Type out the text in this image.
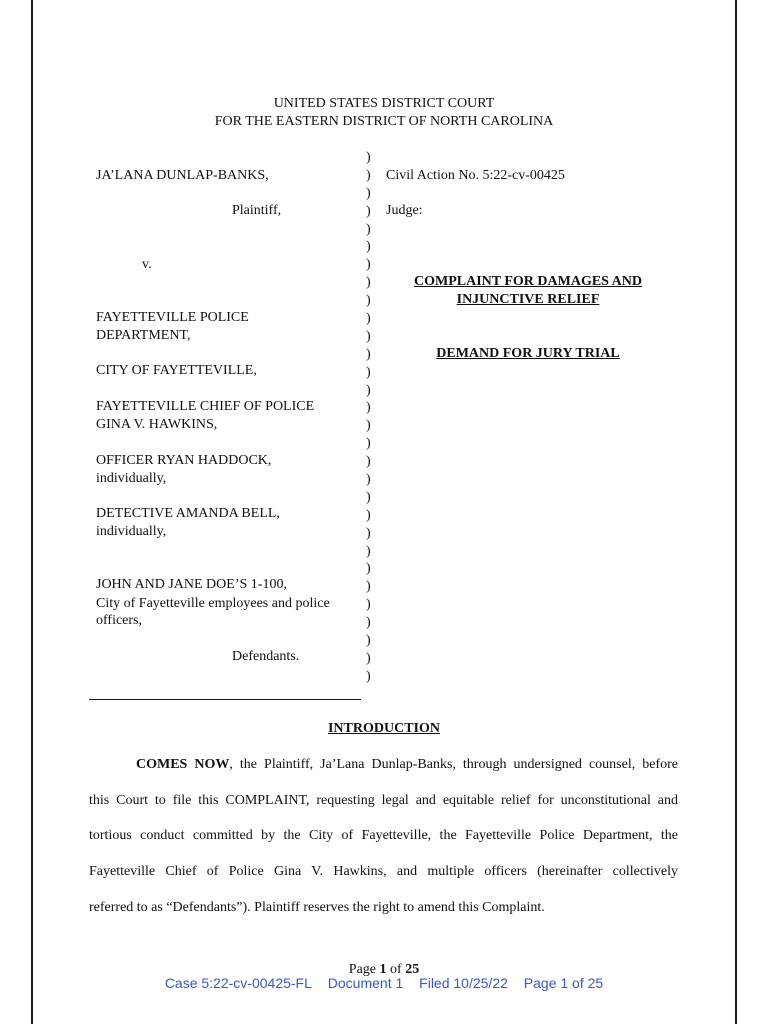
UNITED STATES DISTRICT COURT
FOR THE EASTERN DISTRICT OF NORTH CAROLINA
JA’LANA DUNLAP-BANKS,
Plaintiff,
v.
FAYETTEVILLE POLICE
DEPARTMENT,
CITY OF FAYETTEVILLE,
FAYETTEVILLE CHIEF OF POLICE
GINA V. HAWKINS,
OFFICER RYAN HADDOCK,
individually,
DETECTIVE AMANDA BELL,
individually,
JOHN AND JANE DOE’S 1-100,
City of Fayetteville employees and police
officers,
Defendants.
)
)
)
)
)
)
)
)
)
)
)
)
)
)
)
)
)
)
)
)
)
)
)
)
)
)
)
)
)
)
Civil Action No. 5:22-cv-00425
Judge:
COMPLAINT FOR DAMAGES AND
INJUNCTIVE RELIEF
DEMAND FOR JURY TRIAL
INTRODUCTION
COMES NOW, the Plaintiff, Ja’Lana Dunlap-Banks, through undersigned counsel, before
this Court to file this COMPLAINT, requesting legal and equitable relief for unconstitutional and
tortious conduct committed by the City of Fayetteville, the Fayetteville Police Department, the
Fayetteville Chief of Police Gina V. Hawkins, and multiple officers (hereinafter collectively
referred to as “Defendants”). Plaintiff reserves the right to amend this Complaint.
Page 1 of 25
Case 5:22-cv-00425-FL Document 1 Filed 10/25/22 Page 1 of 25
